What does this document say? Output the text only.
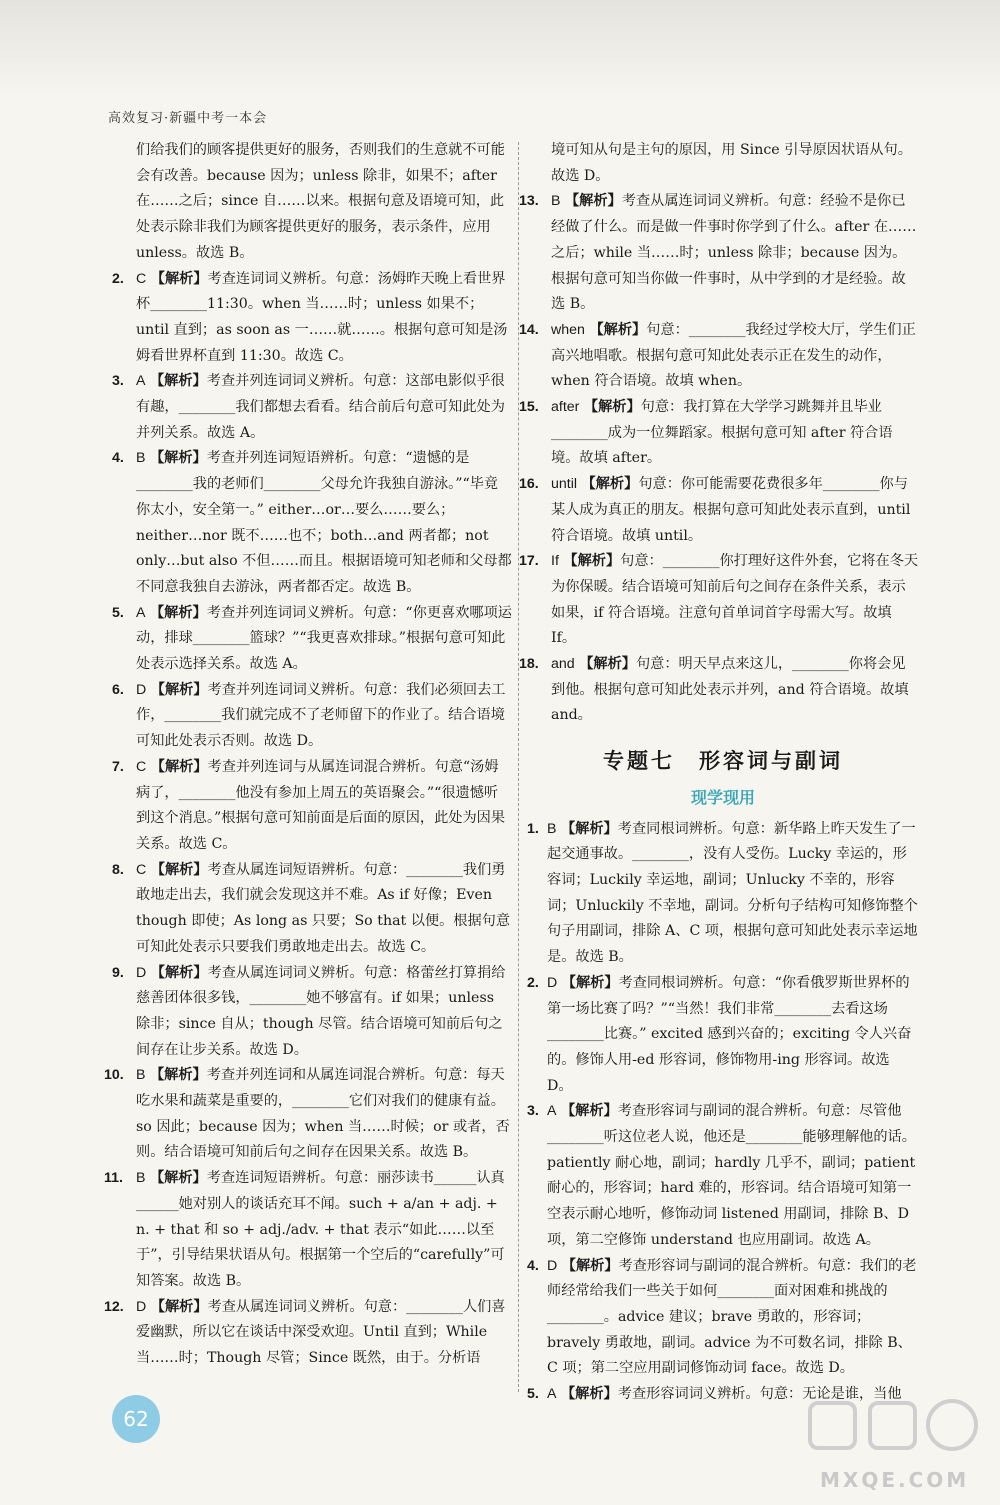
高效复习·新疆中考一本会
们给我们的顾客提供更好的服务，否则我们的生意就不可能会有改善。because 因为；unless 除非，如果不；after 在……之后；since 自……以来。根据句意及语境可知，此处表示除非我们为顾客提供更好的服务，表示条件，应用 unless。故选 B。
2. C 【解析】考查连词词义辨析。句意：汤姆昨天晚上看世界杯________11:30。when 当……时；unless 如果不；until 直到；as soon as 一……就……。根据句意可知是汤姆看世界杯直到 11:30。故选 C。
3. A 【解析】考查并列连词词义辨析。句意：这部电影似乎很有趣，________我们都想去看看。结合前后句意可知此处为并列关系。故选 A。
4. B 【解析】考查并列连词短语辨析。句意：“遗憾的是________我的老师们________父母允许我独自游泳。”“毕竟你太小，安全第一。” either…or…要么……要么；neither…nor 既不……也不；both…and 两者都；not only…but also 不但……而且。根据语境可知老师和父母都不同意我独自去游泳，两者都否定。故选 B。
5. A 【解析】考查并列连词词义辨析。句意：“你更喜欢哪项运动，排球________篮球？”“我更喜欢排球。”根据句意可知此处表示选择关系。故选 A。
6. D 【解析】考查并列连词词义辨析。句意：我们必须回去工作，________我们就完成不了老师留下的作业了。结合语境可知此处表示否则。故选 D。
7. C 【解析】考查并列连词与从属连词混合辨析。句意“汤姆病了，________他没有参加上周五的英语聚会。”“很遗憾听到这个消息。”根据句意可知前面是后面的原因，此处为因果关系。故选 C。
8. C 【解析】考查从属连词短语辨析。句意：________我们勇敢地走出去，我们就会发现这并不难。As if 好像；Even though 即使；As long as 只要；So that 以便。根据句意可知此处表示只要我们勇敢地走出去。故选 C。
9. D 【解析】考查从属连词词义辨析。句意：格蕾丝打算捐给慈善团体很多钱，________她不够富有。if 如果；unless 除非；since 自从；though 尽管。结合语境可知前后句之间存在让步关系。故选 D。
10. B 【解析】考查并列连词和从属连词混合辨析。句意：每天吃水果和蔬菜是重要的，________它们对我们的健康有益。so 因此；because 因为；when 当……时候；or 或者，否则。结合语境可知前后句之间存在因果关系。故选 B。
11. B 【解析】考查连词短语辨析。句意：丽莎读书______认真______她对别人的谈话充耳不闻。such + a/an + adj. + n. + that 和 so + adj./adv. + that 表示“如此……以至于”，引导结果状语从句。根据第一个空后的“carefully”可知答案。故选 B。
12. D 【解析】考查从属连词词义辨析。句意：________人们喜爱幽默，所以它在谈话中深受欢迎。Until 直到；While 当……时；Though 尽管；Since 既然，由于。分析语
境可知从句是主句的原因，用 Since 引导原因状语从句。故选 D。
13. B 【解析】考查从属连词词义辨析。句意：经验不是你已经做了什么。而是做一件事时你学到了什么。after 在……之后；while 当……时；unless 除非；because 因为。根据句意可知当你做一件事时，从中学到的才是经验。故选 B。
14. when 【解析】句意：________我经过学校大厅，学生们正高兴地唱歌。根据句意可知此处表示正在发生的动作，when 符合语境。故填 when。
15. after 【解析】句意：我打算在大学学习跳舞并且毕业________成为一位舞蹈家。根据句意可知 after 符合语境。故填 after。
16. until 【解析】句意：你可能需要花费很多年________你与某人成为真正的朋友。根据句意可知此处表示直到，until 符合语境。故填 until。
17. If 【解析】句意：________你打理好这件外套，它将在冬天为你保暖。结合语境可知前后句之间存在条件关系，表示如果，if 符合语境。注意句首单词首字母需大写。故填 If。
18. and 【解析】句意：明天早点来这儿，________你将会见到他。根据句意可知此处表示并列，and 符合语境。故填 and。
专题七　形容词与副词
现学现用
1. B 【解析】考查同根词辨析。句意：新华路上昨天发生了一起交通事故。________，没有人受伤。Lucky 幸运的，形容词；Luckily 幸运地，副词；Unlucky 不幸的，形容词；Unluckily 不幸地，副词。分析句子结构可知修饰整个句子用副词，排除 A、C 项，根据句意可知此处表示幸运地是。故选 B。
2. D 【解析】考查同根词辨析。句意：“你看俄罗斯世界杯的第一场比赛了吗？”“当然！我们非常________去看这场________比赛。” excited 感到兴奋的；exciting 令人兴奋的。修饰人用-ed 形容词，修饰物用-ing 形容词。故选 D。
3. A 【解析】考查形容词与副词的混合辨析。句意：尽管他________听这位老人说，他还是________能够理解他的话。patiently 耐心地，副词；hardly 几乎不，副词；patient 耐心的，形容词；hard 难的，形容词。结合语境可知第一空表示耐心地听，修饰动词 listened 用副词，排除 B、D 项，第二空修饰 understand 也应用副词。故选 A。
4. D 【解析】考查形容词与副词的混合辨析。句意：我们的老师经常给我们一些关于如何________面对困难和挑战的________。advice 建议；brave 勇敢的，形容词；bravely 勇敢地，副词。advice 为不可数名词，排除 B、C 项；第二空应用副词修饰动词 face。故选 D。
5. A 【解析】考查形容词词义辨析。句意：无论是谁，当他
62
MXQE.COM
